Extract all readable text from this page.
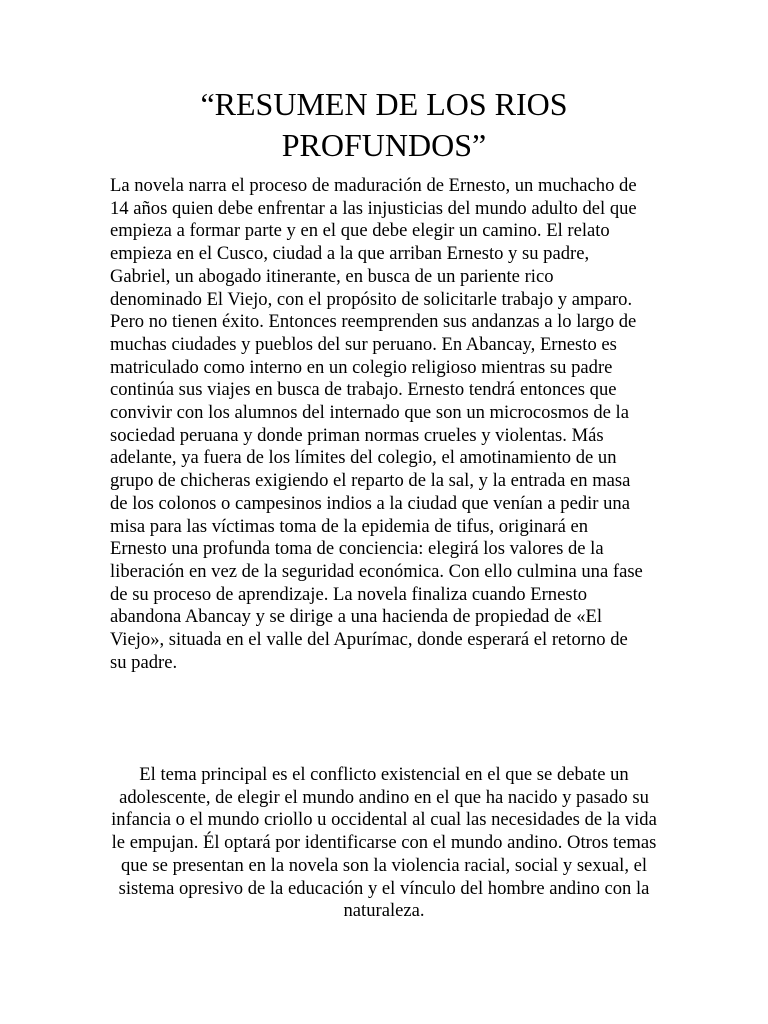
“RESUMEN DE LOS RIOS PROFUNDOS”

La novela narra el proceso de maduración de Ernesto, un muchacho de 14 años quien debe enfrentar a las injusticias del mundo adulto del que empieza a formar parte y en el que debe elegir un camino. El relato empieza en el Cusco, ciudad a la que arriban Ernesto y su padre, Gabriel, un abogado itinerante, en busca de un pariente rico denominado El Viejo, con el propósito de solicitarle trabajo y amparo. Pero no tienen éxito. Entonces reemprenden sus andanzas a lo largo de muchas ciudades y pueblos del sur peruano. En Abancay, Ernesto es matriculado como interno en un colegio religioso mientras su padre continúa sus viajes en busca de trabajo. Ernesto tendrá entonces que convivir con los alumnos del internado que son un microcosmos de la sociedad peruana y donde priman normas crueles y violentas. Más adelante, ya fuera de los límites del colegio, el amotinamiento de un grupo de chicheras exigiendo el reparto de la sal, y la entrada en masa de los colonos o campesinos indios a la ciudad que venían a pedir una misa para las víctimas toma de la epidemia de tifus, originará en Ernesto una profunda toma de conciencia: elegirá los valores de la liberación en vez de la seguridad económica. Con ello culmina una fase de su proceso de aprendizaje. La novela finaliza cuando Ernesto abandona Abancay y se dirige a una hacienda de propiedad de «El Viejo», situada en el valle del Apurímac, donde esperará el retorno de su padre.

El tema principal es el conflicto existencial en el que se debate un adolescente, de elegir el mundo andino en el que ha nacido y pasado su infancia o el mundo criollo u occidental al cual las necesidades de la vida le empujan. Él optará por identificarse con el mundo andino. Otros temas que se presentan en la novela son la violencia racial, social y sexual, el sistema opresivo de la educación y el vínculo del hombre andino con la naturaleza.
